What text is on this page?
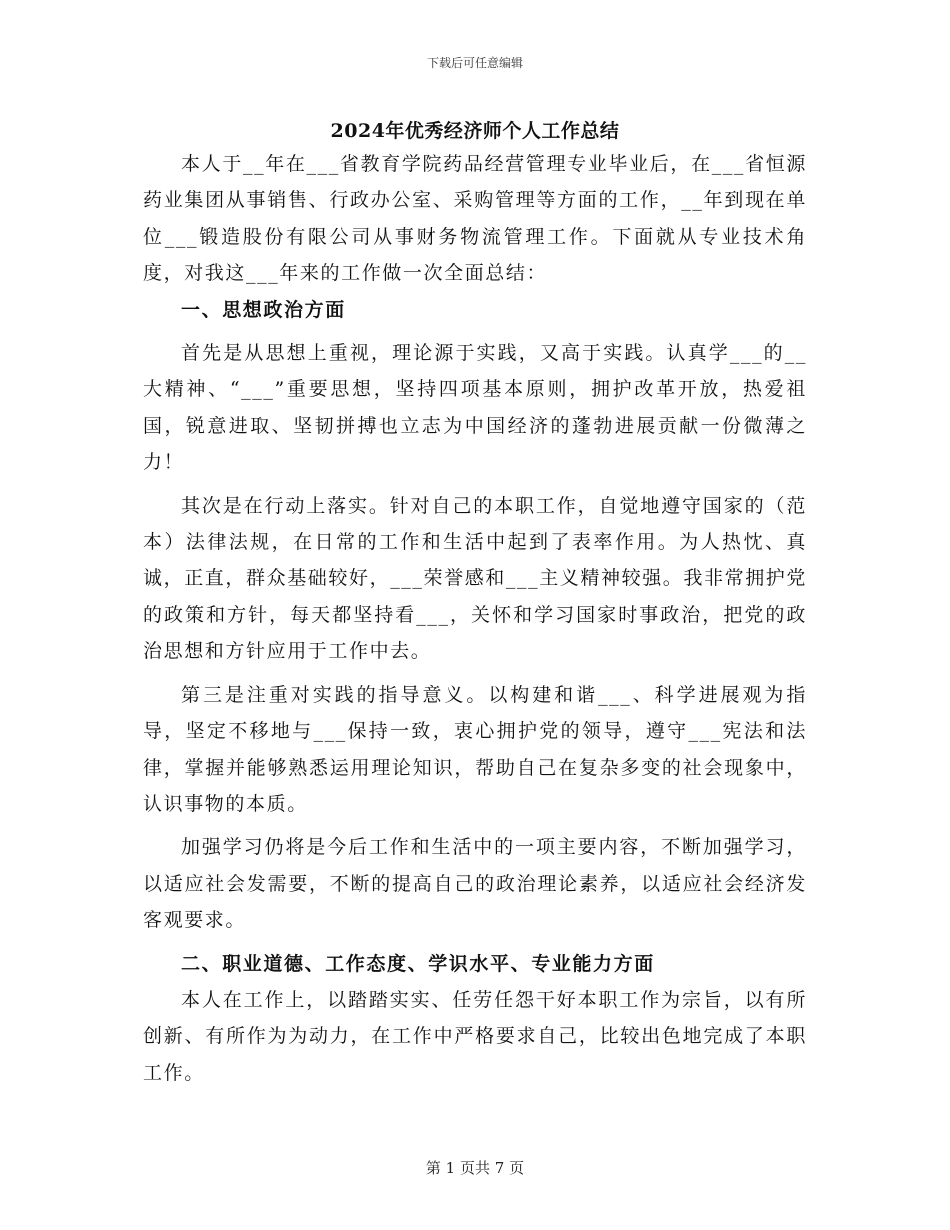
下载后可任意编辑
2024年优秀经济师个人工作总结

本人于__年在___省教育学院药品经营管理专业毕业后，在___省恒源药业集团从事销售、行政办公室、采购管理等方面的工作，__年到现在单位___锻造股份有限公司从事财务物流管理工作。下面就从专业技术角度，对我这___年来的工作做一次全面总结：

一、思想政治方面

首先是从思想上重视，理论源于实践，又高于实践。认真学___的__大精神、“___”重要思想，坚持四项基本原则，拥护改革开放，热爱祖国，锐意进取、坚韧拼搏也立志为中国经济的蓬勃进展贡献一份微薄之力！

其次是在行动上落实。针对自己的本职工作，自觉地遵守国家的（范本）法律法规，在日常的工作和生活中起到了表率作用。为人热忱、真诚，正直，群众基础较好，___荣誉感和___主义精神较强。我非常拥护党的政策和方针，每天都坚持看___，关怀和学习国家时事政治，把党的政治思想和方针应用于工作中去。

第三是注重对实践的指导意义。以构建和谐___、科学进展观为指导，坚定不移地与___保持一致，衷心拥护党的领导，遵守___宪法和法律，掌握并能够熟悉运用理论知识，帮助自己在复杂多变的社会现象中，认识事物的本质。

加强学习仍将是今后工作和生活中的一项主要内容，不断加强学习，以适应社会发需要，不断的提高自己的政治理论素养，以适应社会经济发客观要求。

二、职业道德、工作态度、学识水平、专业能力方面

本人在工作上，以踏踏实实、任劳任怨干好本职工作为宗旨，以有所创新、有所作为为动力，在工作中严格要求自己，比较出色地完成了本职工作。

第 1 页共 7 页
